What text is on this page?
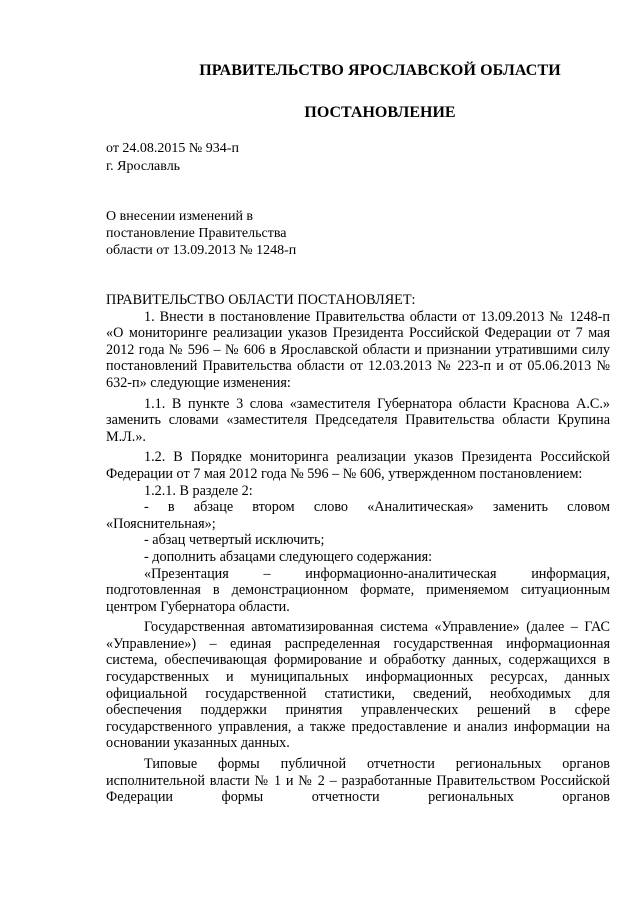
ПРАВИТЕЛЬСТВО ЯРОСЛАВСКОЙ ОБЛАСТИ
ПОСТАНОВЛЕНИЕ
от 24.08.2015 № 934-п
г. Ярославль
О внесении изменений в
постановление Правительства
области от 13.09.2013 № 1248-п

ПРАВИТЕЛЬСТВО ОБЛАСТИ ПОСТАНОВЛЯЕТ:

1. Внести в постановление Правительства области от 13.09.2013 № 1248-п «О мониторинге реализации указов Президента Российской Федерации от 7 мая 2012 года № 596 – № 606 в Ярославской области и признании утратившими силу постановлений Правительства области от 12.03.2013 № 223-п и от 05.06.2013 № 632-п» следующие изменения:

1.1. В пункте 3 слова «заместителя Губернатора области Краснова А.С.» заменить словами «заместителя Председателя Правительства области Крупина М.Л.».

1.2. В Порядке мониторинга реализации указов Президента Российской Федерации от 7 мая 2012 года № 596 – № 606, утвержденном постановлением:

1.2.1. В разделе 2:

- в абзаце втором слово «Аналитическая» заменить словом «Пояснительная»;

- абзац четвертый исключить;

- дополнить абзацами следующего содержания:

«Презентация – информационно-аналитическая информация, подготовленная в демонстрационном формате, применяемом ситуационным центром Губернатора области.

Государственная автоматизированная система «Управление» (далее – ГАС «Управление») – единая распределенная государственная информационная система, обеспечивающая формирование и обработку данных, содержащихся в государственных и муниципальных информационных ресурсах, данных официальной государственной статистики, сведений, необходимых для обеспечения поддержки принятия управленческих решений в сфере государственного управления, а также предоставление и анализ информации на основании указанных данных.

Типовые формы публичной отчетности региональных органов исполнительной власти № 1 и № 2 – разработанные Правительством Российской Федерации формы отчетности региональных органов
